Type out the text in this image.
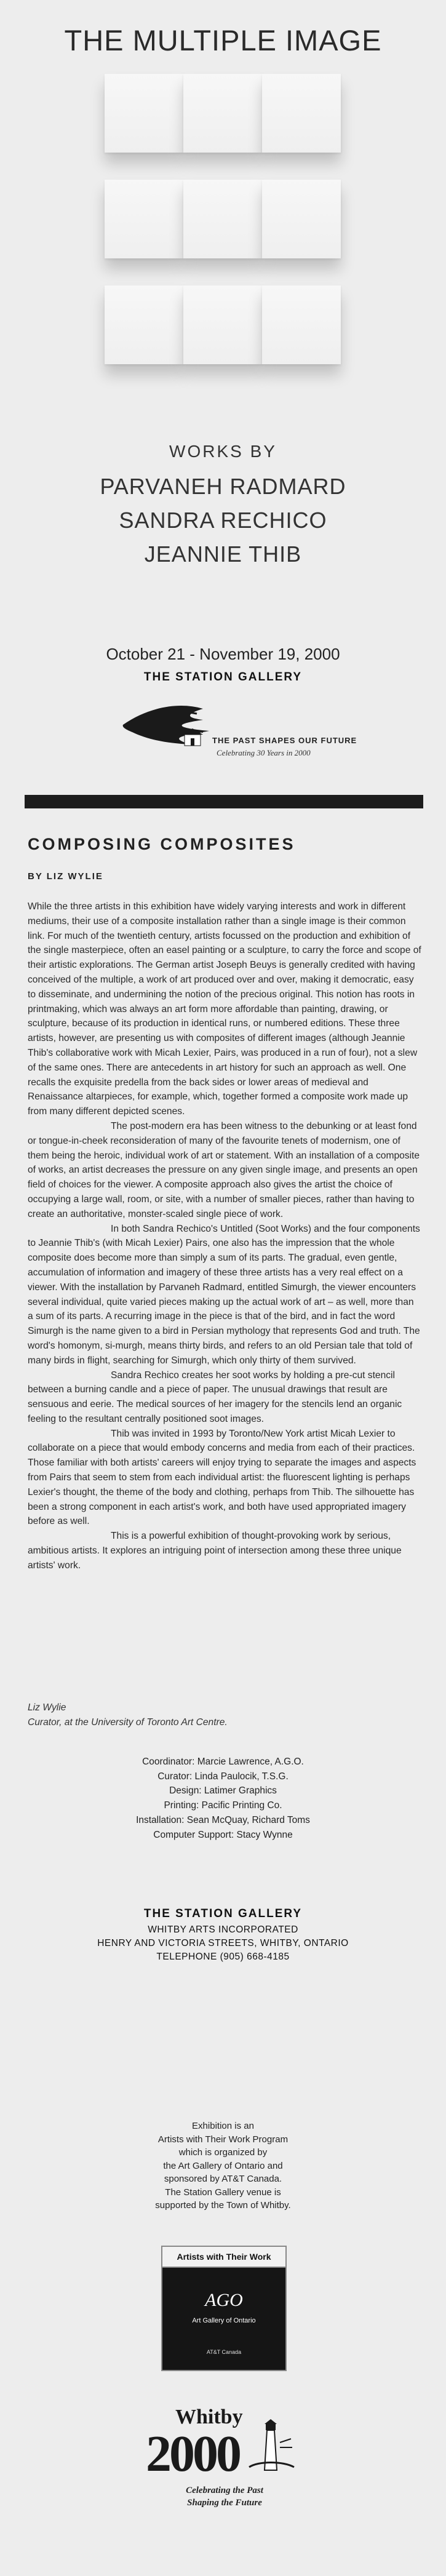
THE MULTIPLE IMAGE
WORKS BY
PARVANEH RADMARD
SANDRA RECHICO
JEANNIE THIB
October 21 - November 19, 2000
THE STATION GALLERY
THE PAST SHAPES OUR FUTURE
Celebrating 30 Years in 2000
COMPOSING COMPOSITES
BY LIZ WYLIE

While the three artists in this exhibition have widely varying interests and work in different mediums, their use of a composite installation rather than a single image is their common link. For much of the twentieth century, artists focussed on the production and exhibition of the single masterpiece, often an easel painting or a sculpture, to carry the force and scope of their artistic explorations. The German artist Joseph Beuys is generally credited with having conceived of the multiple, a work of art produced over and over, making it democratic, easy to disseminate, and undermining the notion of the precious original. This notion has roots in printmaking, which was always an art form more affordable than painting, drawing, or sculpture, because of its production in identical runs, or numbered editions. These three artists, however, are presenting us with composites of different images (although Jeannie Thib's collaborative work with Micah Lexier, Pairs, was produced in a run of four), not a slew of the same ones. There are antecedents in art history for such an approach as well. One recalls the exquisite predella from the back sides or lower areas of medieval and Renaissance altarpieces, for example, which, together formed a composite work made up from many different depicted scenes.

The post-modern era has been witness to the debunking or at least fond or tongue-in-cheek reconsideration of many of the favourite tenets of modernism, one of them being the heroic, individual work of art or statement. With an installation of a composite of works, an artist decreases the pressure on any given single image, and presents an open field of choices for the viewer. A composite approach also gives the artist the choice of occupying a large wall, room, or site, with a number of smaller pieces, rather than having to create an authoritative, monster-scaled single piece of work.

In both Sandra Rechico's Untitled (Soot Works) and the four components to Jeannie Thib's (with Micah Lexier) Pairs, one also has the impression that the whole composite does become more than simply a sum of its parts. The gradual, even gentle, accumulation of information and imagery of these three artists has a very real effect on a viewer. With the installation by Parvaneh Radmard, entitled Simurgh, the viewer encounters several individual, quite varied pieces making up the actual work of art – as well, more than a sum of its parts. A recurring image in the piece is that of the bird, and in fact the word Simurgh is the name given to a bird in Persian mythology that represents God and truth. The word's homonym, si-murgh, means thirty birds, and refers to an old Persian tale that told of many birds in flight, searching for Simurgh, which only thirty of them survived.

Sandra Rechico creates her soot works by holding a pre-cut stencil between a burning candle and a piece of paper. The unusual drawings that result are sensuous and eerie. The medical sources of her imagery for the stencils lend an organic feeling to the resultant centrally positioned soot images.

Thib was invited in 1993 by Toronto/New York artist Micah Lexier to collaborate on a piece that would embody concerns and media from each of their practices. Those familiar with both artists' careers will enjoy trying to separate the images and aspects from Pairs that seem to stem from each individual artist: the fluorescent lighting is perhaps Lexier's thought, the theme of the body and clothing, perhaps from Thib. The silhouette has been a strong component in each artist's work, and both have used appropriated imagery before as well.

This is a powerful exhibition of thought-provoking work by serious, ambitious artists. It explores an intriguing point of intersection among these three unique artists' work.

Liz Wylie
Curator, at the University of Toronto Art Centre.
Coordinator: Marcie Lawrence, A.G.O.
Curator: Linda Paulocik, T.S.G.
Design: Latimer Graphics
Printing: Pacific Printing Co.
Installation: Sean McQuay, Richard Toms
Computer Support: Stacy Wynne
THE STATION GALLERY
WHITBY ARTS INCORPORATED
HENRY AND VICTORIA STREETS, WHITBY, ONTARIO
TELEPHONE (905) 668-4185
Exhibition is an
Artists with Their Work Program
which is organized by
the Art Gallery of Ontario and
sponsored by AT&T Canada.
The Station Gallery venue is
supported by the Town of Whitby.
Artists with Their Work
AGO
Art Gallery of Ontario
AT&T Canada
Whitby
2000
Celebrating the Past
Shaping the Future
